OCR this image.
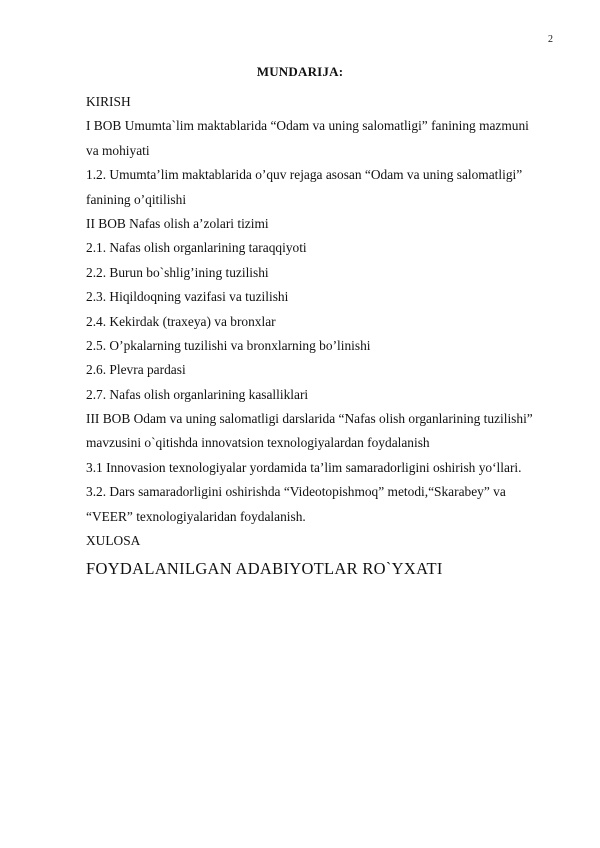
2
MUNDARIJA:
KIRISH
I BOB Umumta`lim maktablarida “Odam va uning salomatligi” fanining mazmuni
va mohiyati
1.2. Umumta’lim maktablarida o’quv rejaga asosan “Odam va uning salomatligi”
fanining o’qitilishi
II BOB Nafas olish a’zolari tizimi
2.1. Nafas olish organlarining taraqqiyoti
2.2. Burun bo`shlig’ining tuzilishi
2.3. Hiqildoqning vazifasi va tuzilishi
2.4. Kekirdak (traxeya) va bronxlar
2.5. O’pkalarning tuzilishi va bronxlarning bo’linishi
2.6. Plevra pardasi
2.7. Nafas olish organlarining kasalliklari
III BOB Odam va uning salomatligi darslarida “Nafas olish organlarining tuzilishi”
mavzusini o`qitishda innovatsion texnologiyalardan foydalanish
3.1 Innovasion texnologiyalar yordamida ta’lim samaradorligini oshirish yo‘llari.
3.2. Dars samaradorligini oshirishda “Videotopishmoq” metodi,“Skarabey” va
“VEER” texnologiyalaridan foydalanish.
XULOSA
FOYDALANILGAN ADABIYOTLAR RO`YXATI
